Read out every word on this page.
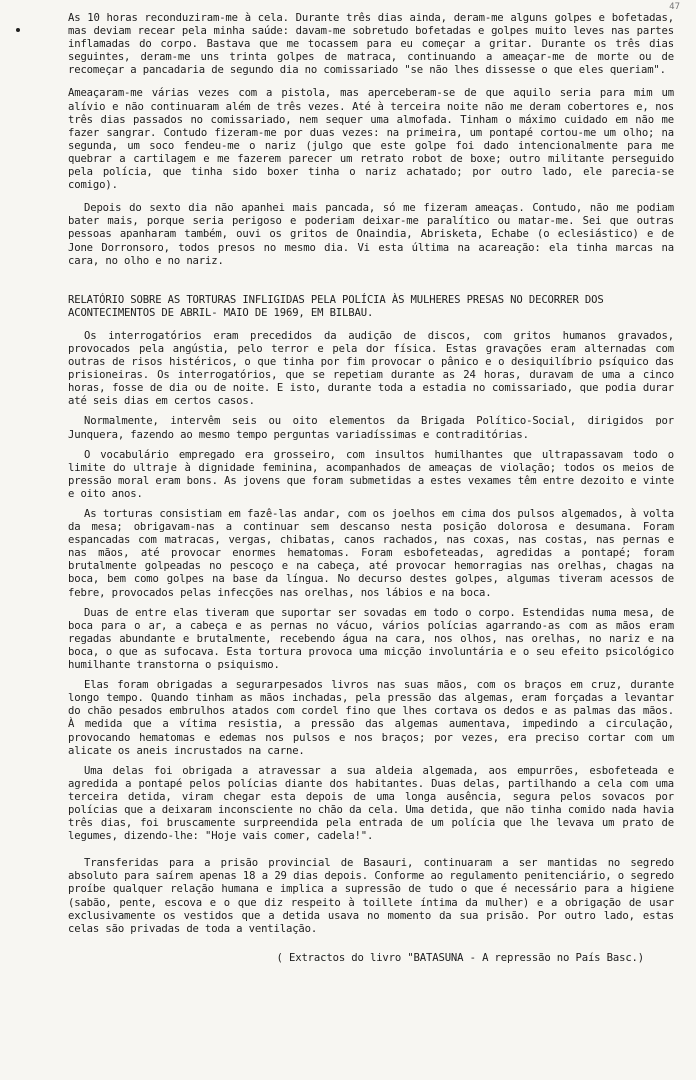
47

As 10 horas reconduziram-me à cela. Durante três dias ainda, deram-me alguns golpes e bofetadas, mas deviam recear pela minha saúde: davam-me sobretudo bofetadas e golpes muito leves nas partes inflamadas do corpo. Bastava que me tocassem para eu começar a gritar. Durante os três dias seguintes, deram-me uns trinta golpes de matraca, continuando a ameaçar-me de morte ou de recomeçar a pancadaria de segundo dia no comissariado "se não lhes dissesse o que eles queriam".

Ameaçaram-me várias vezes com a pistola, mas aperceberam-se de que aquilo seria para mim um alívio e não continuaram além de três vezes. Até à terceira noite não me deram cobertores e, nos três dias passados no comissariado, nem sequer uma almofada. Tinham o máximo cuidado em não me fazer sangrar. Contudo fizeram-me por duas vezes: na primeira, um pontapé cortou-me um olho; na segunda, um soco fendeu-me o nariz (julgo que este golpe foi dado intencionalmente para me quebrar a cartilagem e me fazerem parecer um retrato robot de boxe; outro militante perseguido pela polícia, que tinha sido boxer tinha o nariz achatado; por outro lado, ele parecia-se comigo).

Depois do sexto dia não apanhei mais pancada, só me fizeram ameaças. Contudo, não me podiam bater mais, porque seria perigoso e poderiam deixar-me paralítico ou matar-me. Sei que outras pessoas apanharam também, ouvi os gritos de Onaindia, Abrisketa, Echabe (o eclesiástico) e de Jone Dorronsoro, todos presos no mesmo dia. Vi esta última na acareação: ela tinha marcas na cara, no olho e no nariz.

RELATÓRIO SOBRE AS TORTURAS INFLIGIDAS PELA POLÍCIA ÀS MULHERES PRESAS NO DECORRER DOS ACONTECIMENTOS DE ABRIL- MAIO DE 1969, EM BILBAU.

Os interrogatórios eram precedidos da audição de discos, com gritos humanos gravados, provocados pela angústia, pelo terror e pela dor física. Estas gravações eram alternadas com outras de risos histéricos, o que tinha por fim provocar o pânico e o desiquilíbrio psíquico das prisioneiras. Os interrogatórios, que se repetiam durante as 24 horas, duravam de uma a cinco horas, fosse de dia ou de noite. E isto, durante toda a estadia no comissariado, que podia durar até seis dias em certos casos.

Normalmente, intervêm seis ou oito elementos da Brigada Político-Social, dirigidos por Junquera, fazendo ao mesmo tempo perguntas variadíssimas e contraditórias.

O vocabulário empregado era grosseiro, com insultos humilhantes que ultrapassavam todo o limite do ultraje à dignidade feminina, acompanhados de ameaças de violação; todos os meios de pressão moral eram bons. As jovens que foram submetidas a estes vexames têm entre dezoito e vinte e oito anos.

As torturas consistiam em fazê-las andar, com os joelhos em cima dos pulsos algemados, à volta da mesa; obrigavam-nas a continuar sem descanso nesta posição dolorosa e desumana. Foram espancadas com matracas, vergas, chibatas, canos rachados, nas coxas, nas costas, nas pernas e nas mãos, até provocar enormes hematomas. Foram esbofeteadas, agredidas a pontapé; foram brutalmente golpeadas no pescoço e na cabeça, até provocar hemorragias nas orelhas, chagas na boca, bem como golpes na base da língua. No decurso destes golpes, algumas tiveram acessos de febre, provocados pelas infecções nas orelhas, nos lábios e na boca.

Duas de entre elas tiveram que suportar ser sovadas em todo o corpo. Estendidas numa mesa, de boca para o ar, a cabeça e as pernas no vácuo, vários polícias agarrando-as com as mãos eram regadas abundante e brutalmente, recebendo água na cara, nos olhos, nas orelhas, no nariz e na boca, o que as sufocava. Esta tortura provoca uma micção involuntária e o seu efeito psicológico humilhante transtorna o psiquismo.

Elas foram obrigadas a segurarpesados livros nas suas mãos, com os braços em cruz, durante longo tempo. Quando tinham as mãos inchadas, pela pressão das algemas, eram forçadas a levantar do chão pesados embrulhos atados com cordel fino que lhes cortava os dedos e as palmas das mãos. À medida que a vítima resistia, a pressão das algemas aumentava, impedindo a circulação, provocando hematomas e edemas nos pulsos e nos braços; por vezes, era preciso cortar com um alicate os aneis incrustados na carne.

Uma delas foi obrigada a atravessar a sua aldeia algemada, aos empurrões, esbofeteada e agredida a pontapé pelos polícias diante dos habitantes. Duas delas, partilhando a cela com uma terceira detida, viram chegar esta depois de uma longa ausência, segura pelos sovacos por polícias que a deixaram inconsciente no chão da cela. Uma detida, que não tinha comido nada havia três dias, foi bruscamente surpreendida pela entrada de um polícia que lhe levava um prato de legumes, dizendo-lhe: "Hoje vais comer, cadela!".

Transferidas para a prisão provincial de Basauri, continuaram a ser mantidas no segredo absoluto para saírem apenas 18 a 29 dias depois. Conforme ao regulamento penitenciário, o segredo proíbe qualquer relação humana e implica a supressão de tudo o que é necessário para a higiene (sabão, pente, escova e o que diz respeito à toillete íntima da mulher) e a obrigação de usar exclusivamente os vestidos que a detida usava no momento da sua prisão. Por outro lado, estas celas são privadas de toda a ventilação.

( Extractos do livro "BATASUNA - A repressão no País Basc.)
